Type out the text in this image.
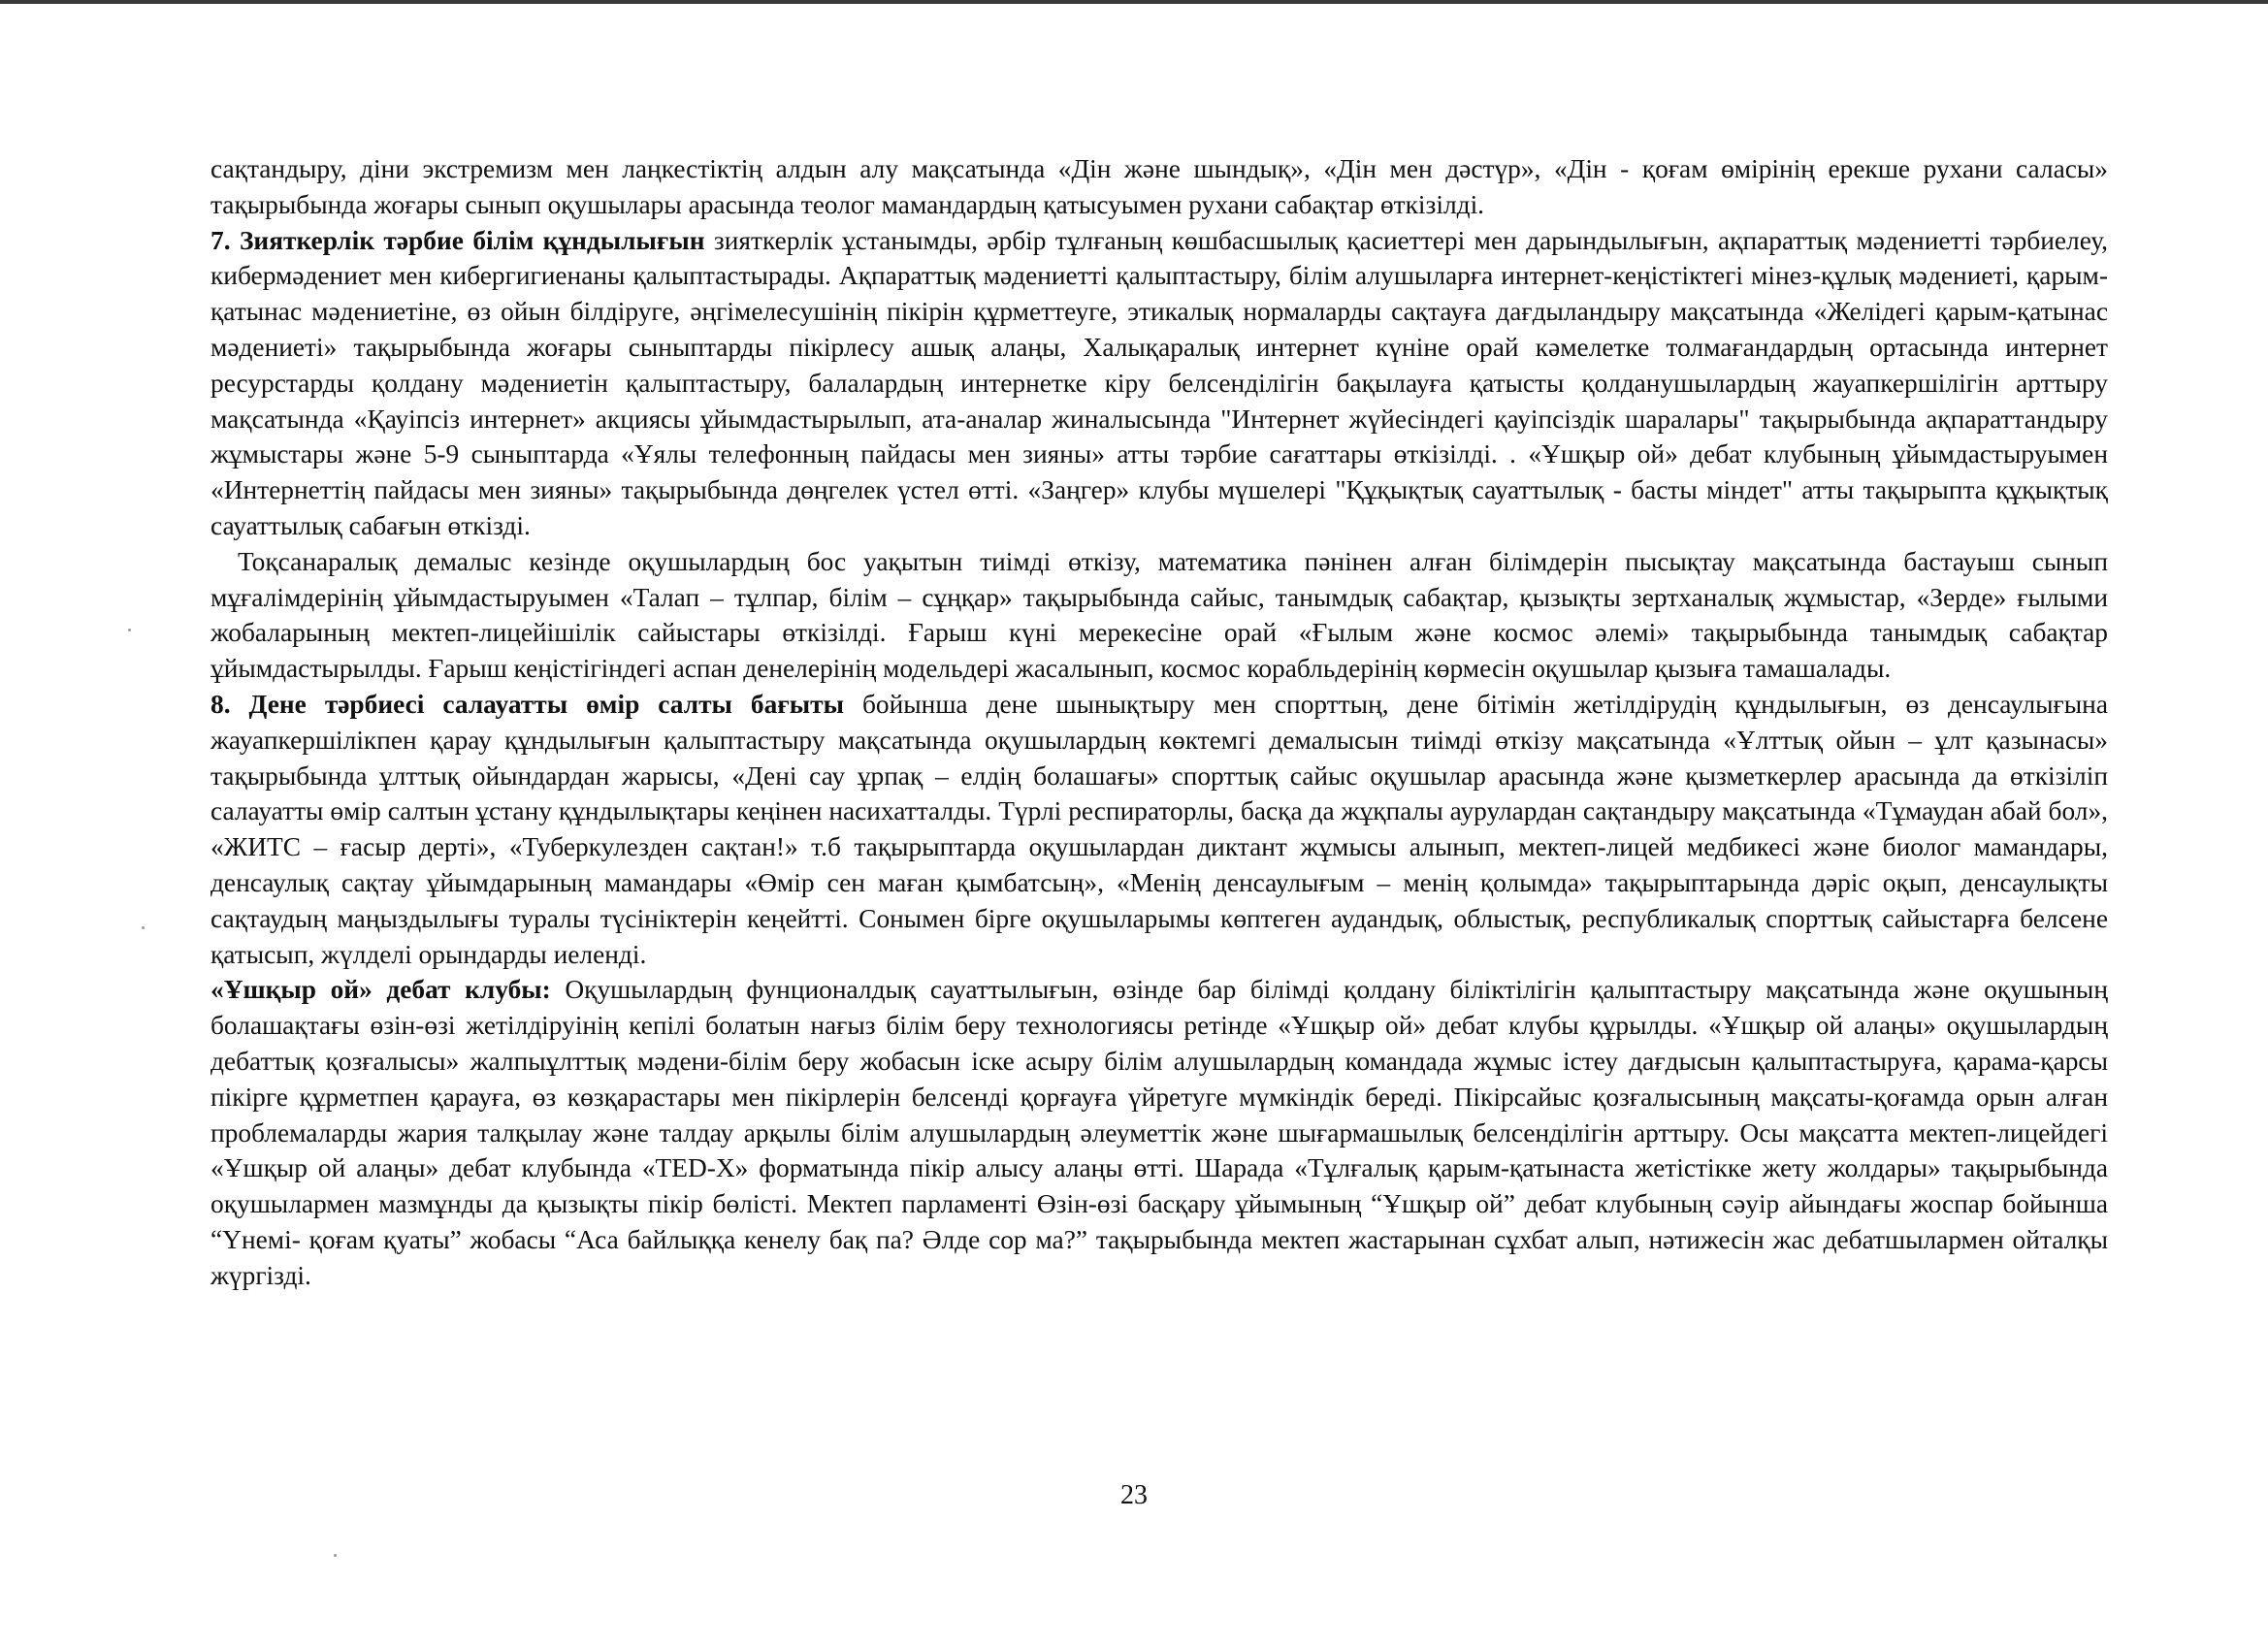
сақтандыру, діни экстремизм мен лаңкестіктің алдын алу мақсатында «Дін және шындық», «Дін мен дәстүр», «Дін - қоғам өмірінің ерекше рухани саласы» тақырыбында жоғары сынып оқушылары арасында теолог мамандардың қатысуымен рухани сабақтар өткізілді.

7. Зияткерлік тәрбие білім құндылығын зияткерлік ұстанымды, әрбір тұлғаның көшбасшылық қасиеттері мен дарындылығын, ақпараттық мәдениетті тәрбиелеу, кибермәдениет мен кибергигиенаны қалыптастырады. Ақпараттық мәдениетті қалыптастыру, білім алушыларға интернет-кеңістіктегі мінез-құлық мәдениеті, қарым-қатынас мәдениетіне, өз ойын білдіруге, әңгімелесушінің пікірін құрметтеуге, этикалық нормаларды сақтауға дағдыландыру мақсатында «Желідегі қарым-қатынас мәдениеті» тақырыбында жоғары сыныптарды пікірлесу ашық алаңы, Халықаралық интернет күніне орай кәмелетке толмағандардың ортасында интернет ресурстарды қолдану мәдениетін қалыптастыру, балалардың интернетке кіру белсенділігін бақылауға қатысты қолданушылардың жауапкершілігін арттыру мақсатында «Қауіпсіз интернет» акциясы ұйымдастырылып, ата-аналар жиналысында "Интернет жүйесіндегі қауіпсіздік шаралары" тақырыбында ақпараттандыру жұмыстары және 5-9 сыныптарда «Ұялы телефонның пайдасы мен зияны» атты тәрбие сағаттары өткізілді. . «Ұшқыр ой» дебат клубының ұйымдастыруымен «Интернеттің пайдасы мен зияны» тақырыбында дөңгелек үстел өтті. «Заңгер» клубы мүшелері "Құқықтық сауаттылық - басты міндет" атты тақырыпта құқықтық сауаттылық сабағын өткізді.

Тоқсанаралық демалыс кезінде оқушылардың бос уақытын тиімді өткізу, математика пәнінен алған білімдерін пысықтау мақсатында бастауыш сынып мұғалімдерінің ұйымдастыруымен «Талап – тұлпар, білім – сұңқар» тақырыбында сайыс, танымдық сабақтар, қызықты зертханалық жұмыстар, «Зерде» ғылыми жобаларының мектеп-лицейішілік сайыстары өткізілді. Ғарыш күні мерекесіне орай «Ғылым және космос әлемі» тақырыбында танымдық сабақтар ұйымдастырылды. Ғарыш кеңістігіндегі аспан денелерінің модельдері жасалынып, космос корабльдерінің көрмесін оқушылар қызыға тамашалады.

8. Дене тәрбиесі салауатты өмір салты бағыты бойынша дене шынықтыру мен спорттың, дене бітімін жетілдірудің құндылығын, өз денсаулығына жауапкершілікпен қарау құндылығын қалыптастыру мақсатында оқушылардың көктемгі демалысын тиімді өткізу мақсатында «Ұлттық ойын – ұлт қазынасы» тақырыбында ұлттық ойындардан жарысы, «Дені сау ұрпақ – елдің болашағы» спорттық сайыс оқушылар арасында және қызметкерлер арасында да өткізіліп салауатты өмір салтын ұстану құндылықтары кеңінен насихатталды. Түрлі респираторлы, басқа да жұқпалы аурулардан сақтандыру мақсатында «Тұмаудан абай бол», «ЖИТС – ғасыр дерті», «Туберкулезден сақтан!» т.б тақырыптарда оқушылардан диктант жұмысы алынып, мектеп-лицей медбикесі және биолог мамандары, денсаулық сақтау ұйымдарының мамандары «Өмір сен маған қымбатсың», «Менің денсаулығым – менің қолымда» тақырыптарында дәріс оқып, денсаулықты сақтаудың маңыздылығы туралы түсініктерін кеңейтті. Сонымен бірге оқушыларымы көптеген аудандық, облыстық, республикалық спорттық сайыстарға белсене қатысып, жүлделі орындарды иеленді.

«Ұшқыр ой» дебат клубы: Оқушылардың фунционалдық сауаттылығын, өзінде бар білімді қолдану біліктілігін қалыптастыру мақсатында және оқушының болашақтағы өзін-өзі жетілдіруінің кепілі болатын нағыз білім беру технологиясы ретінде «Ұшқыр ой» дебат клубы құрылды. «Ұшқыр ой алаңы» оқушылардың дебаттық қозғалысы» жалпыұлттық мәдени-білім беру жобасын іске асыру білім алушылардың командада жұмыс істеу дағдысын қалыптастыруға, қарама-қарсы пікірге құрметпен қарауға, өз көзқарастары мен пікірлерін белсенді қорғауға үйретуге мүмкіндік береді. Пікірсайыс қозғалысының мақсаты-қоғамда орын алған проблемаларды жария талқылау және талдау арқылы білім алушылардың әлеуметтік және шығармашылық белсенділігін арттыру. Осы мақсатта мектеп-лицейдегі «Ұшқыр ой алаңы» дебат клубында «TED-X» форматында пікір алысу алаңы өтті. Шарада «Тұлғалық қарым-қатынаста жетістікке жету жолдары» тақырыбында оқушылармен мазмұнды да қызықты пікір бөлісті. Мектеп парламенті Өзін-өзі басқару ұйымының “Ұшқыр ой” дебат клубының сәуір айындағы жоспар бойынша “Үнемі- қоғам қуаты” жобасы “Аса байлыққа кенелу бақ па? Әлде сор ма?” тақырыбында мектеп жастарынан сұхбат алып, нәтижесін жас дебатшылармен ойталқы жүргізді.

23
